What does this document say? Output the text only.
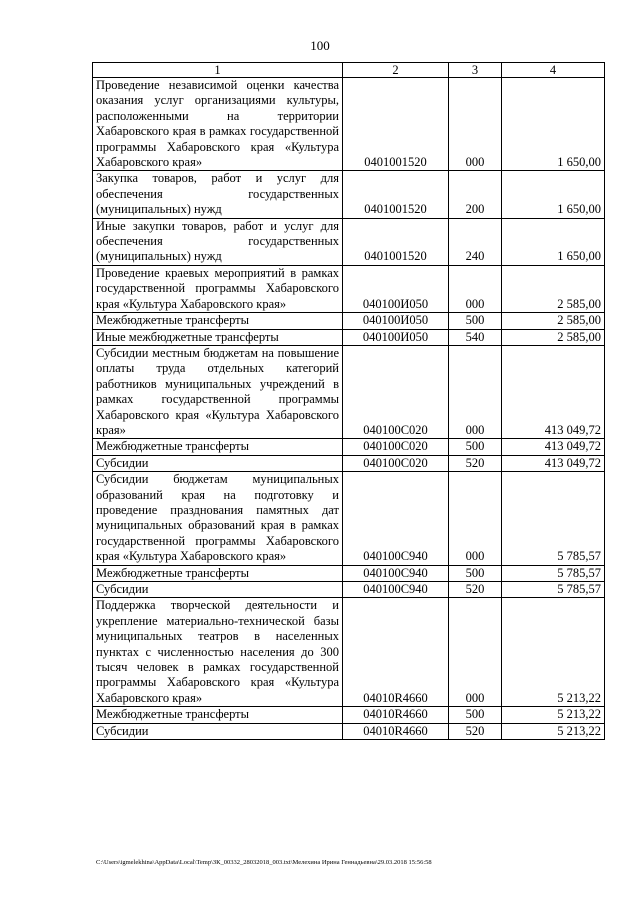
100
1	2	3	4
Проведение независимой оценки качества оказания услуг организациями культуры, расположенными на территории Хабаровского края в рамках государственной программы Хабаровского края «Культура Хабаровского края»	0401001520	000	1 650,00
Закупка товаров, работ и услуг для обеспечения государственных (муниципальных) нужд	0401001520	200	1 650,00
Иные закупки товаров, работ и услуг для обеспечения государственных (муниципальных) нужд	0401001520	240	1 650,00
Проведение краевых мероприятий в рамках государственной программы Хабаровского края «Культура Хабаровского края»	040100И050	000	2 585,00
Межбюджетные трансферты	040100И050	500	2 585,00
Иные межбюджетные трансферты	040100И050	540	2 585,00
Субсидии местным бюджетам на повышение оплаты труда отдельных категорий работников муниципальных учреждений в рамках государственной программы Хабаровского края «Культура Хабаровского края»	040100С020	000	413 049,72
Межбюджетные трансферты	040100С020	500	413 049,72
Субсидии	040100С020	520	413 049,72
Субсидии бюджетам муниципальных образований края на подготовку и проведение празднования памятных дат муниципальных образований края в рамках государственной программы Хабаровского края «Культура Хабаровского края»	040100С940	000	5 785,57
Межбюджетные трансферты	040100С940	500	5 785,57
Субсидии	040100С940	520	5 785,57
Поддержка творческой деятельности и укрепление материально-технической базы муниципальных театров в населенных пунктах с численностью населения до 300 тысяч человек в рамках государственной программы Хабаровского края «Культура Хабаровского края»	04010R4660	000	5 213,22
Межбюджетные трансферты	04010R4660	500	5 213,22
Субсидии	04010R4660	520	5 213,22
C:\Users\igmelekhina\AppData\Local\Temp\ЗК_00332_28032018_003.txt\Мелехина Ирина Геннадьевна\29.03.2018 15:56:58
